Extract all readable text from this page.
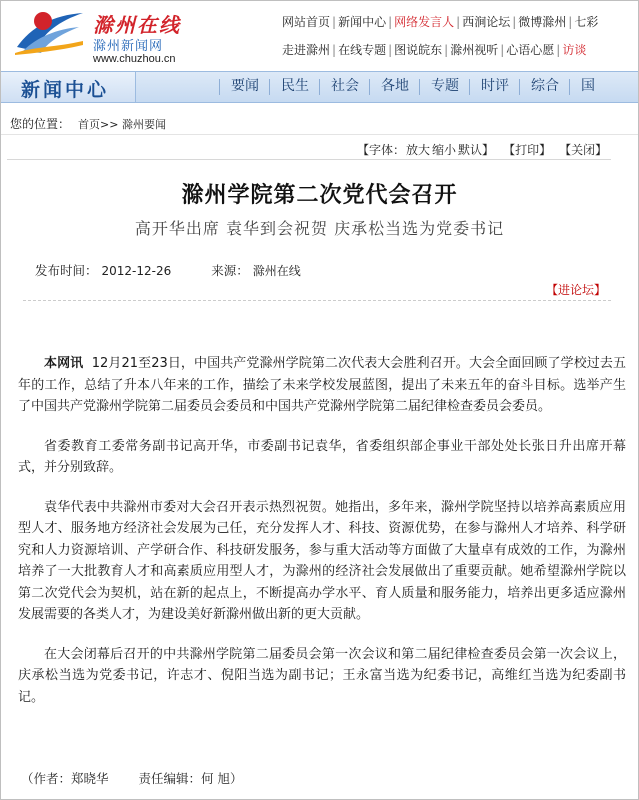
滁州在线
滁州新闻网
www.chuzhou.cn
网站首页 | 新闻中心 | 网络发言人 | 西涧论坛 | 微博滁州 | 七彩
走进滁州 | 在线专题 | 图说皖东 | 滁州视听 | 心语心愿 | 访谈
新闻中心	要闻 民生 社会 各地 专题 时评 综合 国
您的位置： 首页>> 滁州要闻
【字体：放大 缩小 默认】 【打印】 【关闭】
滁州学院第二次党代会召开
高开华出席 袁华到会祝贺 庆承松当选为党委书记
发布时间： 2012-12-26	来源： 滁州在线
【进论坛】

本网讯 12月21至23日，中国共产党滁州学院第二次代表大会胜利召开。大会全面回顾了学校过去五年的工作，总结了升本八年来的工作，描绘了未来学校发展蓝图，提出了未来五年的奋斗目标。选举产生了中国共产党滁州学院第二届委员会委员和中国共产党滁州学院第二届纪律检查委员会委员。

省委教育工委常务副书记高开华，市委副书记袁华，省委组织部企事业干部处处长张日升出席开幕式，并分别致辞。

袁华代表中共滁州市委对大会召开表示热烈祝贺。她指出，多年来，滁州学院坚持以培养高素质应用型人才、服务地方经济社会发展为己任，充分发挥人才、科技、资源优势，在参与滁州人才培养、科学研究和人力资源培训、产学研合作、科技研发服务，参与重大活动等方面做了大量卓有成效的工作，为滁州培养了一大批教育人才和高素质应用型人才，为滁州的经济社会发展做出了重要贡献。她希望滁州学院以第二次党代会为契机，站在新的起点上，不断提高办学水平、育人质量和服务能力，培养出更多适应滁州发展需要的各类人才，为建设美好新滁州做出新的更大贡献。

在大会闭幕后召开的中共滁州学院第二届委员会第一次会议和第二届纪律检查委员会第一次会议上，庆承松当选为党委书记，许志才、倪阳当选为副书记；王永富当选为纪委书记，高维红当选为纪委副书记。

（作者：郑晓华 责任编辑：何 旭）
